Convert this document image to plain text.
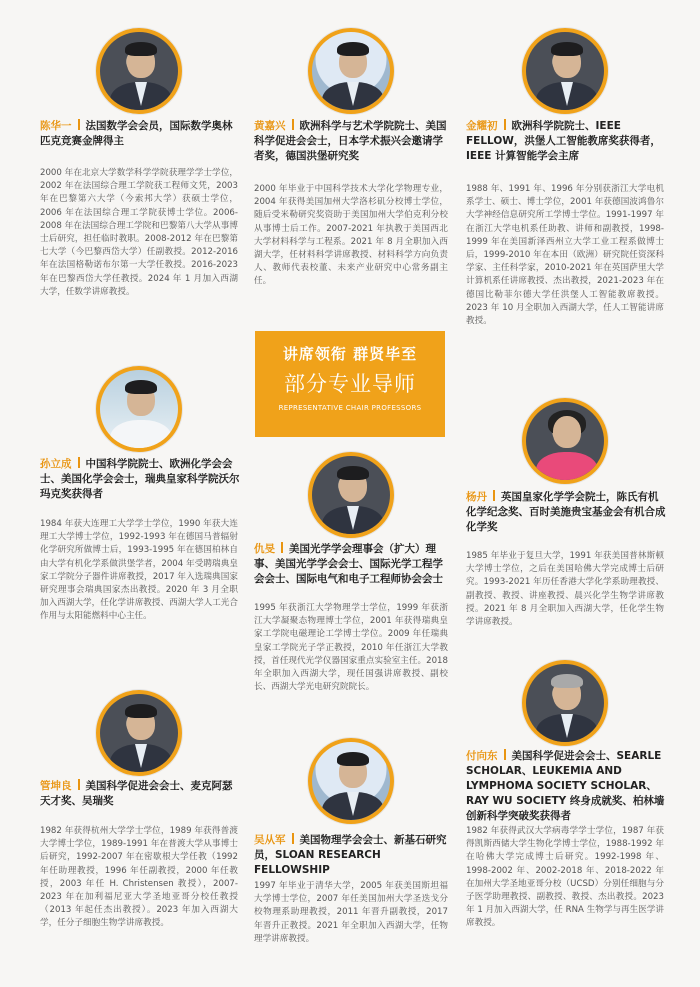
陈华一 法国数学会会员，国际数学奥林匹克竞赛金牌得主
2000 年在北京大学数学科学学院获理学学士学位，2002 年在法国综合理工学院获工程师文凭，2003 年在巴黎第六大学（今索邦大学）获硕士学位，2006 年在法国综合理工学院获博士学位。2006-2008 年在法国综合理工学院和巴黎第八大学从事博士后研究，担任临时教职。2008-2012 年在巴黎第七大学（今巴黎西岱大学）任副教授。2012-2016 年在法国格勒诺布尔第一大学任教授。2016-2023 年在巴黎西岱大学任教授。2024 年 1 月加入西湖大学，任数学讲席教授。
黄嘉兴 欧洲科学与艺术学院院士、美国科学促进会会士，日本学术振兴会邀请学者奖，德国洪堡研究奖
2000 年毕业于中国科学技术大学化学物理专业，2004 年获得美国加州大学洛杉矶分校博士学位，随后受米勒研究奖资助于美国加州大学伯克利分校从事博士后工作。2007-2021 年执教于美国西北大学材料科学与工程系。2021 年 8 月全职加入西湖大学，任材料科学讲席教授、材料科学方向负责人、教师代表校董、未来产业研究中心常务副主任。
金耀初 欧洲科学院院士、IEEE FELLOW，洪堡人工智能教席奖获得者，IEEE 计算智能学会主席
1988 年、1991 年、1996 年分别获浙江大学电机系学士、硕士、博士学位，2001 年获德国波鸿鲁尔大学神经信息研究所工学博士学位。1991-1997 年在浙江大学电机系任助教、讲师和副教授，1998-1999 年在美国新泽西州立大学工业工程系做博士后，1999-2010 年在本田（欧洲）研究院任资深科学家、主任科学家，2010-2021 年在英国萨里大学计算机系任讲席教授、杰出教授，2021-2023 年在德国比勒菲尔德大学任洪堡人工智能教席教授。2023 年 10 月全职加入西湖大学，任人工智能讲席教授。
讲席领衔 群贤毕至
部分专业导师
REPRESENTATIVE CHAIR PROFESSORS
孙立成 中国科学院院士、欧洲化学会会士、美国化学会会士，瑞典皇家科学院沃尔玛克奖获得者
1984 年获大连理工大学学士学位，1990 年获大连理工大学博士学位，1992-1993 年在德国马普辐射化学研究所做博士后，1993-1995 年在德国柏林自由大学有机化学系做洪堡学者，2004 年受聘瑞典皇家工学院分子器件讲席教授，2017 年入选瑞典国家研究理事会瑞典国家杰出教授。2020 年 3 月全职加入西湖大学，任化学讲席教授、西湖大学人工光合作用与太阳能燃料中心主任。
仇旻 美国光学学会理事会（扩大）理事、美国光学学会会士、国际光学工程学会会士、国际电气和电子工程师协会会士
1995 年获浙江大学物理学士学位，1999 年获浙江大学凝聚态物理博士学位，2001 年获得瑞典皇家工学院电磁理论工学博士学位。2009 年任瑞典皇家工学院光子学正教授，2010 年任浙江大学教授，首任现代光学仪器国家重点实验室主任。2018 年全职加入西湖大学，现任国强讲席教授、副校长、西湖大学光电研究院院长。
杨丹 英国皇家化学学会院士，陈氏有机化学纪念奖、百时美施贵宝基金会有机合成化学奖
1985 年毕业于复旦大学，1991 年获美国普林斯顿大学博士学位，之后在美国哈佛大学完成博士后研究。1993-2021 年历任香港大学化学系助理教授、副教授、教授、讲座教授、晨兴化学生物学讲席教授。2021 年 8 月全职加入西湖大学，任化学生物学讲席教授。
管坤良 美国科学促进会会士、麦克阿瑟天才奖、吴瑞奖
1982 年获得杭州大学学士学位，1989 年获得普渡大学博士学位，1989-1991 年在普渡大学从事博士后研究，1992-2007 年在密歇根大学任教（1992 年任助理教授，1996 年任副教授，2000 年任教授，2003 年任 H. Christensen 教授），2007-2023 年在加利福尼亚大学圣地亚哥分校任教授（2013 年起任杰出教授）。2023 年加入西湖大学，任分子细胞生物学讲席教授。
吴从军 美国物理学会会士、新基石研究员，SLOAN RESEARCH FELLOWSHIP
1997 年毕业于清华大学，2005 年获美国斯坦福大学博士学位，2007 年任美国加州大学圣迭戈分校物理系助理教授，2011 年晋升副教授，2017 年晋升正教授。2021 年全职加入西湖大学，任物理学讲席教授。
付向东 美国科学促进会会士、SEARLE SCHOLAR、LEUKEMIA AND LYMPHOMA SOCIETY SCHOLAR、RAY WU SOCIETY 终身成就奖、柏林墙创新科学突破奖获得者
1982 年获得武汉大学病毒学学士学位，1987 年获得凯斯西储大学生物化学博士学位，1988-1992 年在哈佛大学完成博士后研究。1992-1998 年、1998-2002 年、2002-2018 年、2018-2022 年在加州大学圣地亚哥分校（UCSD）分别任细胞与分子医学助理教授、副教授、教授、杰出教授。2023 年 1 月加入西湖大学，任 RNA 生物学与再生医学讲席教授。
